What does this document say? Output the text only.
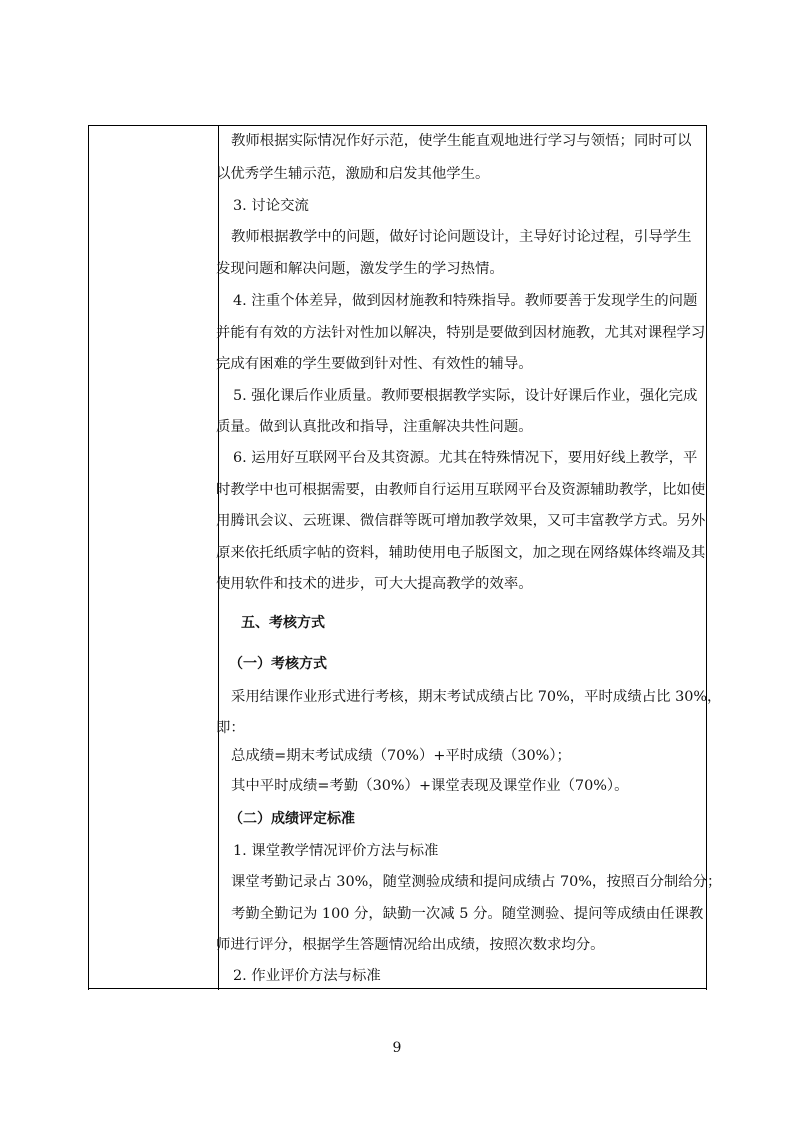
教师根据实际情况作好示范，使学生能直观地进行学习与领悟；同时可以
以优秀学生辅示范，激励和启发其他学生。
3. 讨论交流
教师根据教学中的问题，做好讨论问题设计，主导好讨论过程，引导学生
发现问题和解决问题，激发学生的学习热情。
4. 注重个体差异，做到因材施教和特殊指导。教师要善于发现学生的问题
并能有有效的方法针对性加以解决，特别是要做到因材施教，尤其对课程学习
完成有困难的学生要做到针对性、有效性的辅导。
5. 强化课后作业质量。教师要根据教学实际，设计好课后作业，强化完成
质量。做到认真批改和指导，注重解决共性问题。
6. 运用好互联网平台及其资源。尤其在特殊情况下，要用好线上教学，平
时教学中也可根据需要，由教师自行运用互联网平台及资源辅助教学，比如使
用腾讯会议、云班课、微信群等既可增加教学效果，又可丰富教学方式。另外
原来依托纸质字帖的资料，辅助使用电子版图文，加之现在网络媒体终端及其
使用软件和技术的进步，可大大提高教学的效率。
五、考核方式
（一）考核方式
采用结课作业形式进行考核，期末考试成绩占比 70%，平时成绩占比 30%，
即：
总成绩=期末考试成绩（70%）+平时成绩（30%）；
其中平时成绩=考勤（30%）+课堂表现及课堂作业（70%）。
（二）成绩评定标准
1. 课堂教学情况评价方法与标准
课堂考勤记录占 30%，随堂测验成绩和提问成绩占 70%，按照百分制给分；
考勤全勤记为 100 分，缺勤一次减 5 分。随堂测验、提问等成绩由任课教
师进行评分，根据学生答题情况给出成绩，按照次数求均分。
2. 作业评价方法与标准
9
